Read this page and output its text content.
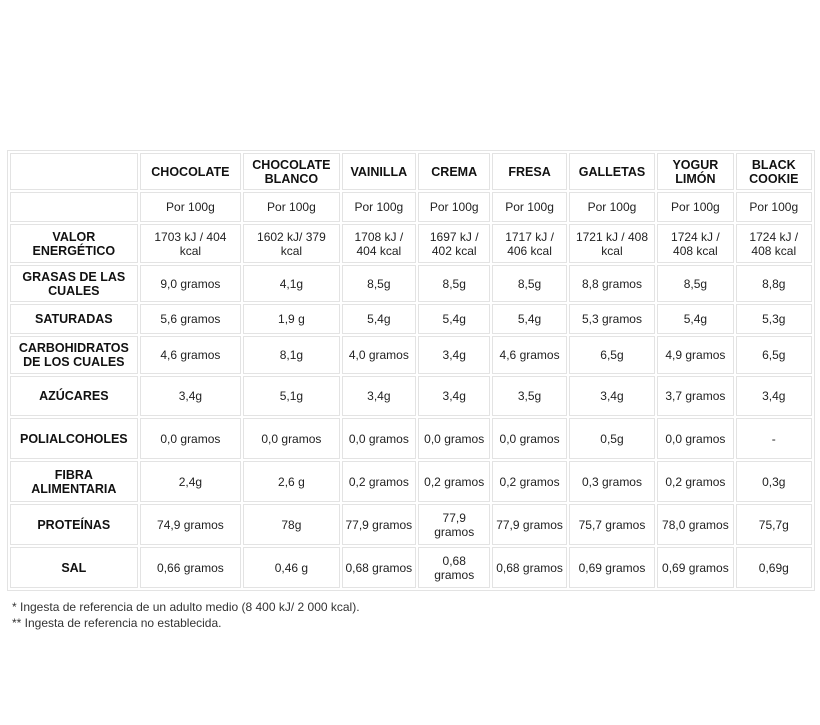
	CHOCOLATE	CHOCOLATE BLANCO	VAINILLA	CREMA	FRESA	GALLETAS	YOGUR LIMÓN	BLACK COOKIE
	Por 100g	Por 100g	Por 100g	Por 100g	Por 100g	Por 100g	Por 100g	Por 100g
VALOR ENERGÉTICO	1703 kJ / 404 kcal	1602 kJ/ 379 kcal	1708 kJ / 404 kcal	1697 kJ / 402 kcal	1717 kJ / 406 kcal	1721 kJ / 408 kcal	1724 kJ / 408 kcal	1724 kJ / 408 kcal
GRASAS DE LAS CUALES	9,0 gramos	4,1g	8,5g	8,5g	8,5g	8,8 gramos	8,5g	8,8g
SATURADAS	5,6 gramos	1,9 g	5,4g	5,4g	5,4g	5,3 gramos	5,4g	5,3g
CARBOHIDRATOS DE LOS CUALES	4,6 gramos	8,1g	4,0 gramos	3,4g	4,6 gramos	6,5g	4,9 gramos	6,5g
AZÚCARES	3,4g	5,1g	3,4g	3,4g	3,5g	3,4g	3,7 gramos	3,4g
POLIALCOHOLES	0,0 gramos	0,0 gramos	0,0 gramos	0,0 gramos	0,0 gramos	0,5g	0,0 gramos	-
FIBRA ALIMENTARIA	2,4g	2,6 g	0,2 gramos	0,2 gramos	0,2 gramos	0,3 gramos	0,2 gramos	0,3g
PROTEÍNAS	74,9 gramos	78g	77,9 gramos	77,9 gramos	77,9 gramos	75,7 gramos	78,0 gramos	75,7g
SAL	0,66 gramos	0,46 g	0,68 gramos	0,68 gramos	0,68 gramos	0,69 gramos	0,69 gramos	0,69g
* Ingesta de referencia de un adulto medio (8 400 kJ/ 2 000 kcal).
** Ingesta de referencia no establecida.
